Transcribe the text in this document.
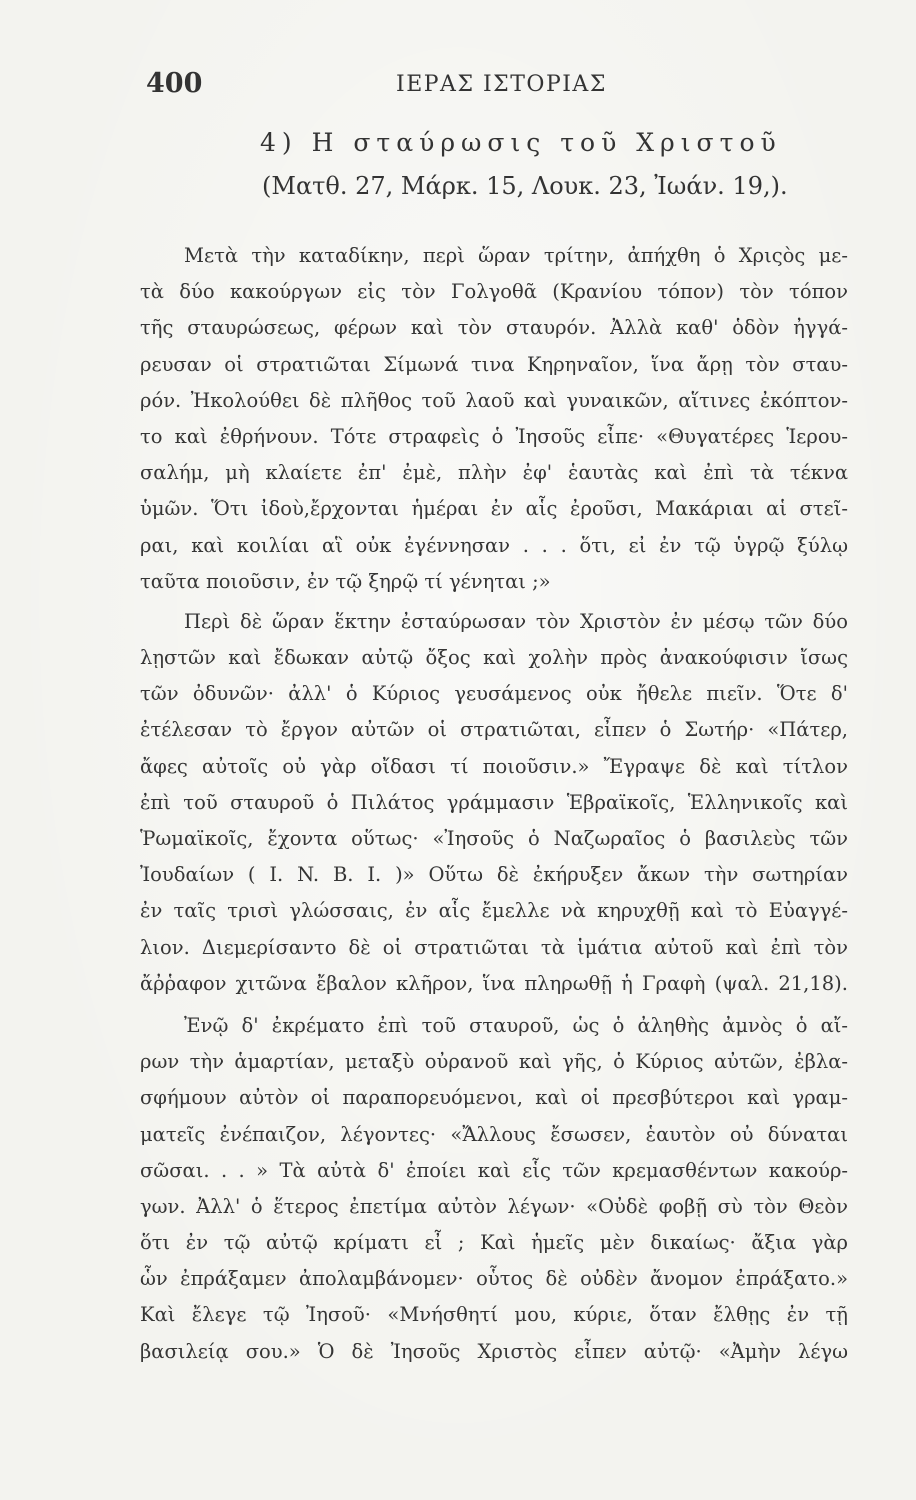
400	ΙΕΡΑΣ ΙΣΤΟΡΙΑΣ
4) Η σταύρωσις τοῦ Χριστοῦ
(Ματθ. 27, Μάρκ. 15, Λουκ. 23, Ἰωάν. 19,).
Μετὰ τὴν καταδίκην, περὶ ὥραν τρίτην, ἀπήχθη ὁ Χριςὸς με-
τὰ δύο κακούργων εἰς τὸν Γολγοθᾶ (Κρανίου τόπον) τὸν τόπον
τῆς σταυρώσεως, φέρων καὶ τὸν σταυρόν. Ἀλλὰ καθ' ὁδὸν ἠγγά-
ρευσαν οἱ στρατιῶται Σίμωνά τινα Κηρηναῖον, ἵνα ἄρῃ τὸν σταυ-
ρόν. Ἠκολούθει δὲ πλῆθος τοῦ λαοῦ καὶ γυναικῶν, αἵτινες ἐκόπτον-
το καὶ ἐθρήνουν. Τότε στραφεὶς ὁ Ἰησοῦς εἶπε· «Θυγατέρες Ἱερου-
σαλήμ, μὴ κλαίετε ἐπ' ἐμὲ, πλὴν ἐφ' ἑαυτὰς καὶ ἐπὶ τὰ τέκνα
ὑμῶν. Ὅτι ἰδοὺ,ἔρχονται ἡμέραι ἐν αἷς ἐροῦσι, Μακάριαι αἱ στεῖ-
ραι, καὶ κοιλίαι αἳ οὐκ ἐγέννησαν . . . ὅτι, εἰ ἐν τῷ ὑγρῷ ξύλῳ
ταῦτα ποιοῦσιν, ἐν τῷ ξηρῷ τί γένηται ;»
Περὶ δὲ ὥραν ἕκτην ἐσταύρωσαν τὸν Χριστὸν ἐν μέσῳ τῶν δύο
λῃστῶν καὶ ἔδωκαν αὐτῷ ὄξος καὶ χολὴν πρὸς ἀνακούφισιν ἴσως
τῶν ὀδυνῶν· ἀλλ' ὁ Κύριος γευσάμενος οὐκ ἤθελε πιεῖν. Ὅτε δ'
ἐτέλεσαν τὸ ἔργον αὐτῶν οἱ στρατιῶται, εἶπεν ὁ Σωτήρ· «Πάτερ,
ἄφες αὐτοῖς οὐ γὰρ οἴδασι τί ποιοῦσιν.» Ἔγραψε δὲ καὶ τίτλον
ἐπὶ τοῦ σταυροῦ ὁ Πιλάτος γράμμασιν Ἑβραϊκοῖς, Ἑλληνικοῖς καὶ
Ῥωμαϊκοῖς, ἔχοντα οὕτως· «Ἰησοῦς ὁ Ναζωραῖος ὁ βασιλεὺς τῶν
Ἰουδαίων ( I. N. B. I. )» Οὕτω δὲ ἐκήρυξεν ἄκων τὴν σωτηρίαν
ἐν ταῖς τρισὶ γλώσσαις, ἐν αἷς ἔμελλε νὰ κηρυχθῇ καὶ τὸ Εὐαγγέ-
λιον. Διεμερίσαντο δὲ οἱ στρατιῶται τὰ ἱμάτια αὐτοῦ καὶ ἐπὶ τὸν
ἄῤῥαφον χιτῶνα ἔβαλον κλῆρον, ἵνα πληρωθῇ ἡ Γραφὴ (ψαλ. 21,18).
Ἐνῷ δ' ἐκρέματο ἐπὶ τοῦ σταυροῦ, ὡς ὁ ἀληθὴς ἀμνὸς ὁ αἴ-
ρων τὴν ἁμαρτίαν, μεταξὺ οὐρανοῦ καὶ γῆς, ὁ Κύριος αὐτῶν, ἐβλα-
σφήμουν αὐτὸν οἱ παραπορευόμενοι, καὶ οἱ πρεσβύτεροι καὶ γραμ-
ματεῖς ἐνέπαιζον, λέγοντες· «Ἄλλους ἔσωσεν, ἑαυτὸν οὐ δύναται
σῶσαι. . . » Τὰ αὐτὰ δ' ἐποίει καὶ εἷς τῶν κρεμασθέντων κακούρ-
γων. Ἀλλ' ὁ ἕτερος ἐπετίμα αὐτὸν λέγων· «Οὐδὲ φοβῇ σὺ τὸν Θεὸν
ὅτι ἐν τῷ αὐτῷ κρίματι εἶ ; Καὶ ἡμεῖς μὲν δικαίως· ἄξια γὰρ
ὧν ἐπράξαμεν ἀπολαμβάνομεν· οὗτος δὲ οὐδὲν ἄνομον ἐπράξατο.»
Καὶ ἔλεγε τῷ Ἰησοῦ· «Μνήσθητί μου, κύριε, ὅταν ἔλθῃς ἐν τῇ
βασιλείᾳ σου.» Ὁ δὲ Ἰησοῦς Χριστὸς εἶπεν αὐτῷ· «Ἀμὴν λέγω
